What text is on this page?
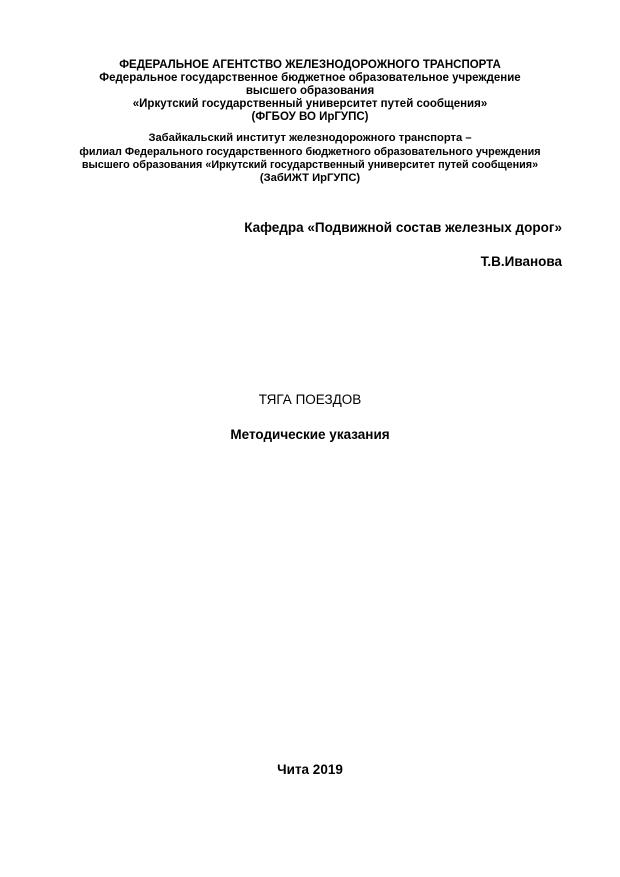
ФЕДЕРАЛЬНОЕ АГЕНТСТВО ЖЕЛЕЗНОДОРОЖНОГО ТРАНСПОРТА
Федеральное государственное бюджетное образовательное учреждение
высшего образования
«Иркутский государственный университет путей сообщения»
(ФГБОУ ВО ИрГУПС)
Забайкальский институт железнодорожного транспорта –
филиал Федерального государственного бюджетного образовательного учреждения
высшего образования «Иркутский государственный университет путей сообщения»
(ЗабИЖТ ИрГУПС)
Кафедра «Подвижной состав железных дорог»
Т.В.Иванова
ТЯГА ПОЕЗДОВ
Методические указания
Чита 2019
